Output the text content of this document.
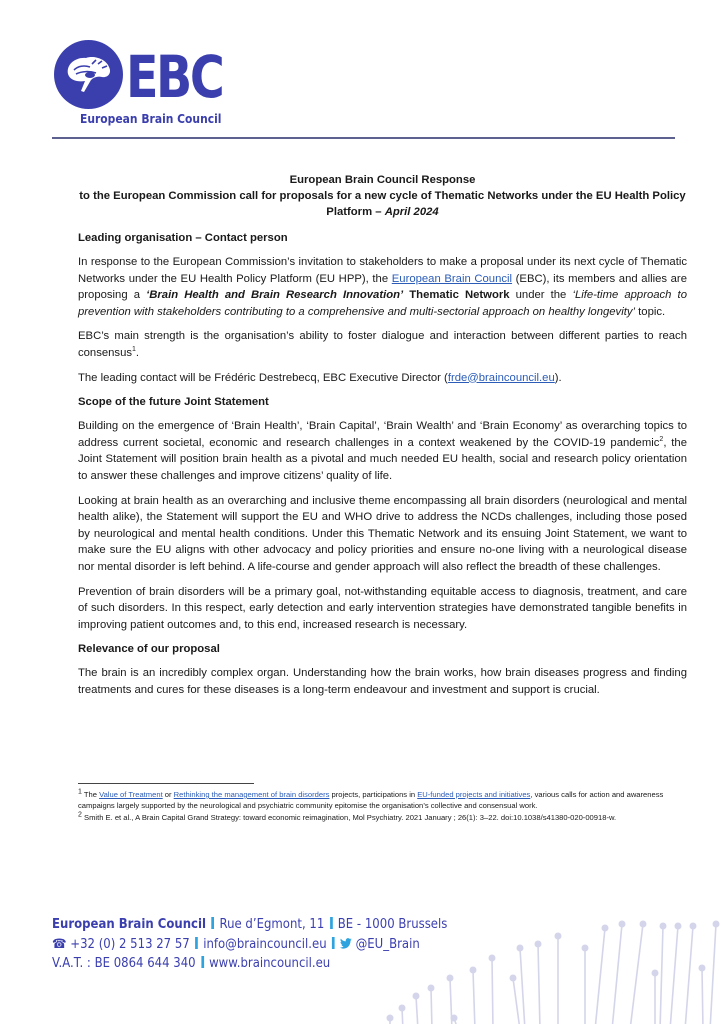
EBC
European Brain Council
European Brain Council Response
to the European Commission call for proposals for a new cycle of Thematic Networks under the EU Health Policy
Platform – April 2024
Leading organisation – Contact person

In response to the European Commission’s invitation to stakeholders to make a proposal under its next cycle of Thematic Networks under the EU Health Policy Platform (EU HPP), the European Brain Council (EBC), its members and allies are proposing a ‘Brain Health and Brain Research Innovation’ Thematic Network under the ‘Life-time approach to prevention with stakeholders contributing to a comprehensive and multi-sectorial approach on healthy longevity’ topic.

EBC’s main strength is the organisation’s ability to foster dialogue and interaction between different parties to reach consensus$^1$.

The leading contact will be Frédéric Destrebecq, EBC Executive Director (frde@braincouncil.eu).

Scope of the future Joint Statement

Building on the emergence of ‘Brain Health’, ‘Brain Capital’, ‘Brain Wealth’ and ‘Brain Economy’ as overarching topics to address current societal, economic and research challenges in a context weakened by the COVID-19 pandemic$^2$, the Joint Statement will position brain health as a pivotal and much needed EU health, social and research policy orientation to answer these challenges and improve citizens’ quality of life.

Looking at brain health as an overarching and inclusive theme encompassing all brain disorders (neurological and mental health alike), the Statement will support the EU and WHO drive to address the NCDs challenges, including those posed by neurological and mental health conditions. Under this Thematic Network and its ensuing Joint Statement, we want to make sure the EU aligns with other advocacy and policy priorities and ensure no-one living with a neurological disease nor mental disorder is left behind. A life-course and gender approach will also reflect the breadth of these challenges.

Prevention of brain disorders will be a primary goal, not-withstanding equitable access to diagnosis, treatment, and care of such disorders. In this respect, early detection and early intervention strategies have demonstrated tangible benefits in improving patient outcomes and, to this end, increased research is necessary.

Relevance of our proposal

The brain is an incredibly complex organ. Understanding how the brain works, how brain diseases progress and finding treatments and cures for these diseases is a long-term endeavour and investment and support is crucial.

$^1$ The Value of Treatment or Rethinking the management of brain disorders projects, participations in EU-funded projects and initiatives, various calls for action and awareness campaigns largely supported by the neurological and psychiatric community epitomise the organisation’s collective and consensual work.

$^2$ Smith E. et al., A Brain Capital Grand Strategy: toward economic reimagination, Mol Psychiatry. 2021 January ; 26(1): 3–22. doi:10.1038/s41380-020-00918-w.

European Brain Council Rue d’Egmont, 11 BE - 1000 Brussels
☎ +32 (0) 2 513 27 57 info@braincouncil.eu @EU_Brain
V.A.T. : BE 0864 644 340 www.braincouncil.eu
